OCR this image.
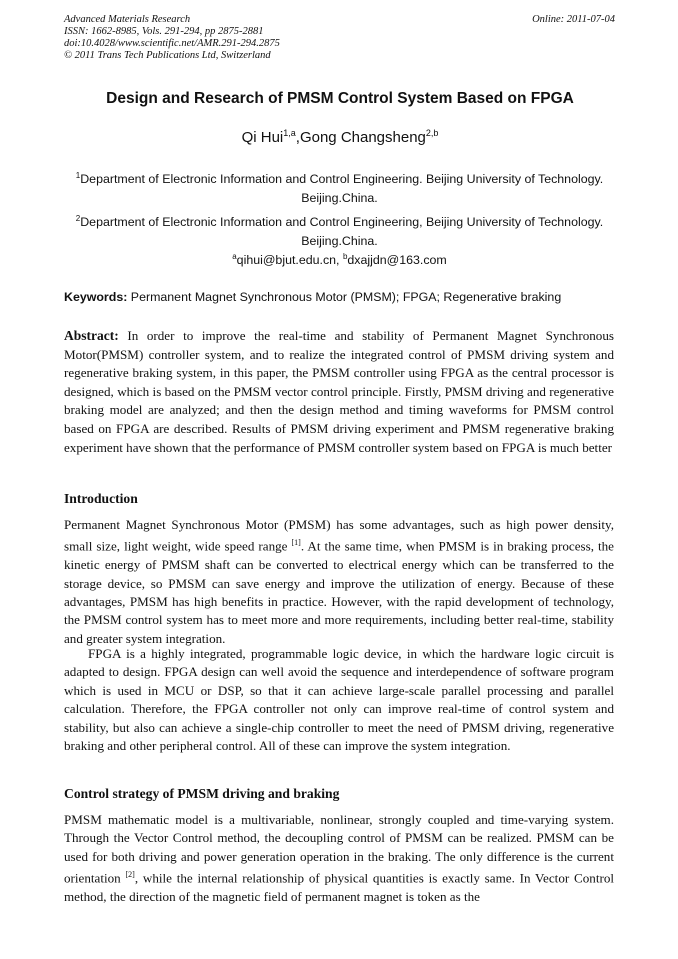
Advanced Materials Research
ISSN: 1662-8985, Vols. 291-294, pp 2875-2881
doi:10.4028/www.scientific.net/AMR.291-294.2875
© 2011 Trans Tech Publications Ltd, Switzerland
Online: 2011-07-04
Design and Research of PMSM Control System Based on FPGA
Qi Hui$^{1,a}$,Gong Changsheng$^{2,b}$
$^1$Department of Electronic Information and Control Engineering. Beijing University of Technology. Beijing.China.
$^2$Department of Electronic Information and Control Engineering, Beijing University of Technology. Beijing.China.
$^a$qihui@bjut.edu.cn, $^b$dxajjdn@163.com
Keywords: Permanent Magnet Synchronous Motor (PMSM); FPGA; Regenerative braking

Abstract: In order to improve the real-time and stability of Permanent Magnet Synchronous Motor(PMSM) controller system, and to realize the integrated control of PMSM driving system and regenerative braking system, in this paper, the PMSM controller using FPGA as the central processor is designed, which is based on the PMSM vector control principle. Firstly, PMSM driving and regenerative braking model are analyzed; and then the design method and timing waveforms for PMSM control based on FPGA are described. Results of PMSM driving experiment and PMSM regenerative braking experiment have shown that the performance of PMSM controller system based on FPGA is much better

Introduction

Permanent Magnet Synchronous Motor (PMSM) has some advantages, such as high power density, small size, light weight, wide speed range [1]. At the same time, when PMSM is in braking process, the kinetic energy of PMSM shaft can be converted to electrical energy which can be transferred to the storage device, so PMSM can save energy and improve the utilization of energy. Because of these advantages, PMSM has high benefits in practice. However, with the rapid development of technology, the PMSM control system has to meet more and more requirements, including better real-time, stability and greater system integration.

FPGA is a highly integrated, programmable logic device, in which the hardware logic circuit is adapted to design. FPGA design can well avoid the sequence and interdependence of software program which is used in MCU or DSP, so that it can achieve large-scale parallel processing and parallel calculation. Therefore, the FPGA controller not only can improve real-time of control system and stability, but also can achieve a single-chip controller to meet the need of PMSM driving, regenerative braking and other peripheral control. All of these can improve the system integration.

Control strategy of PMSM driving and braking

PMSM mathematic model is a multivariable, nonlinear, strongly coupled and time-varying system. Through the Vector Control method, the decoupling control of PMSM can be realized. PMSM can be used for both driving and power generation operation in the braking. The only difference is the current orientation [2], while the internal relationship of physical quantities is exactly same. In Vector Control method, the direction of the magnetic field of permanent magnet is token as the
